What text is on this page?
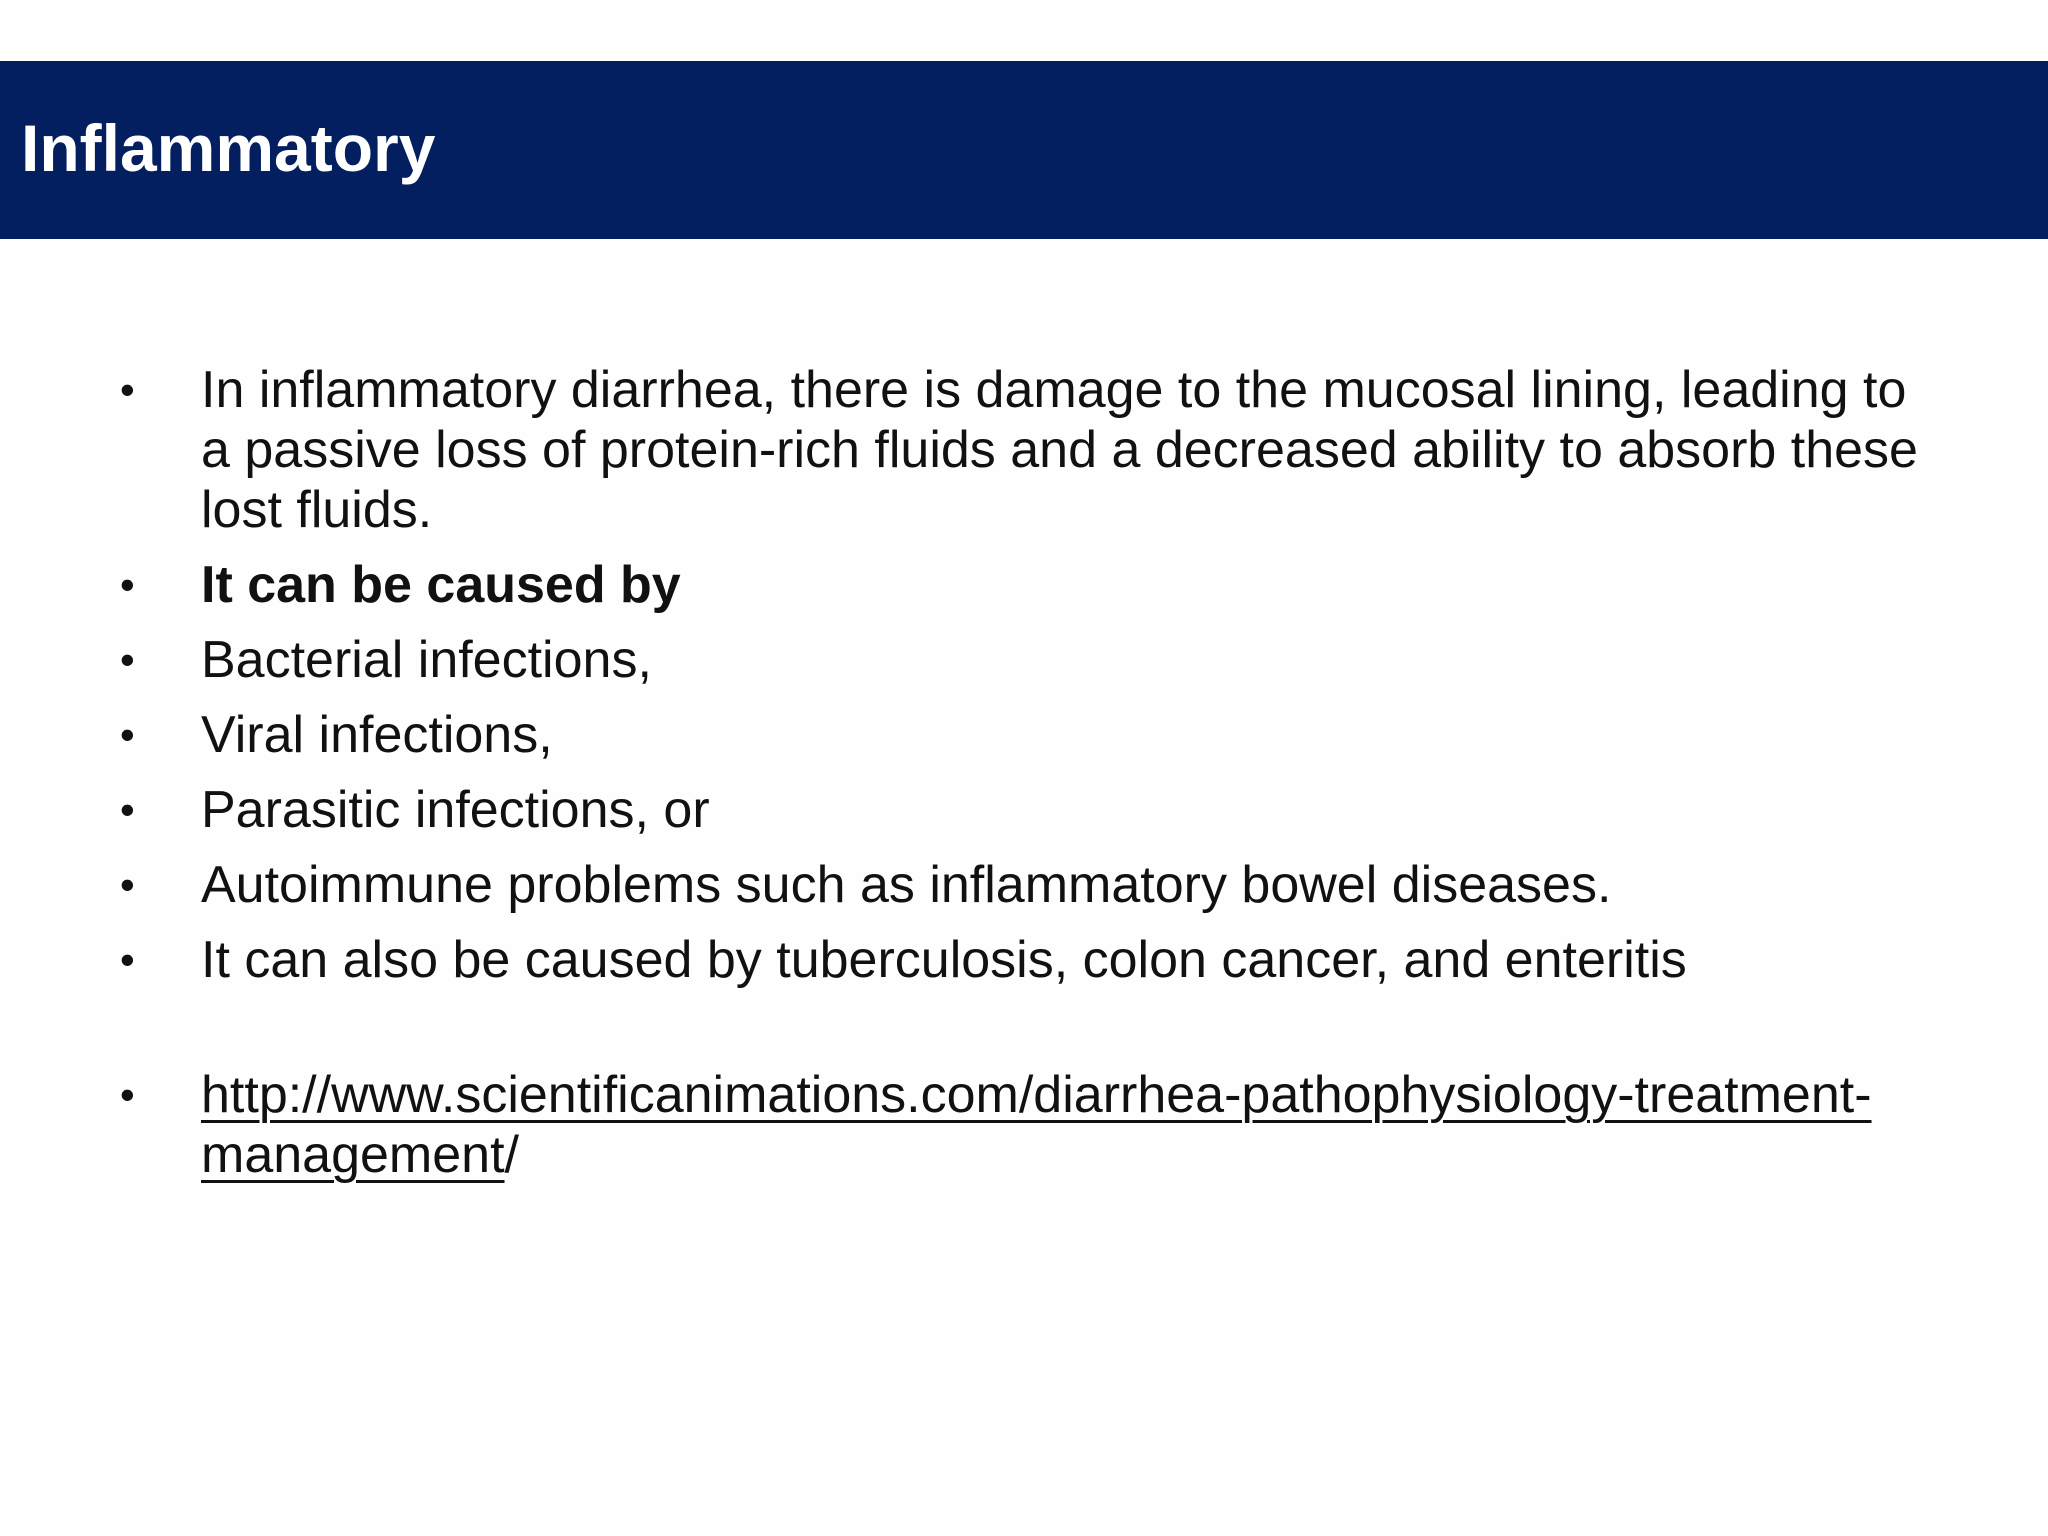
Inflammatory
• In inflammatory diarrhea, there is damage to the mucosal lining, leading to a passive loss of protein-rich fluids and a decreased ability to absorb these lost fluids.
• It can be caused by
• Bacterial infections,
• Viral infections,
• Parasitic infections, or
• Autoimmune problems such as inflammatory bowel diseases.
• It can also be caused by tuberculosis, colon cancer, and enteritis
• http://www.scientificanimations.com/diarrhea-pathophysiology-treatment-management/
